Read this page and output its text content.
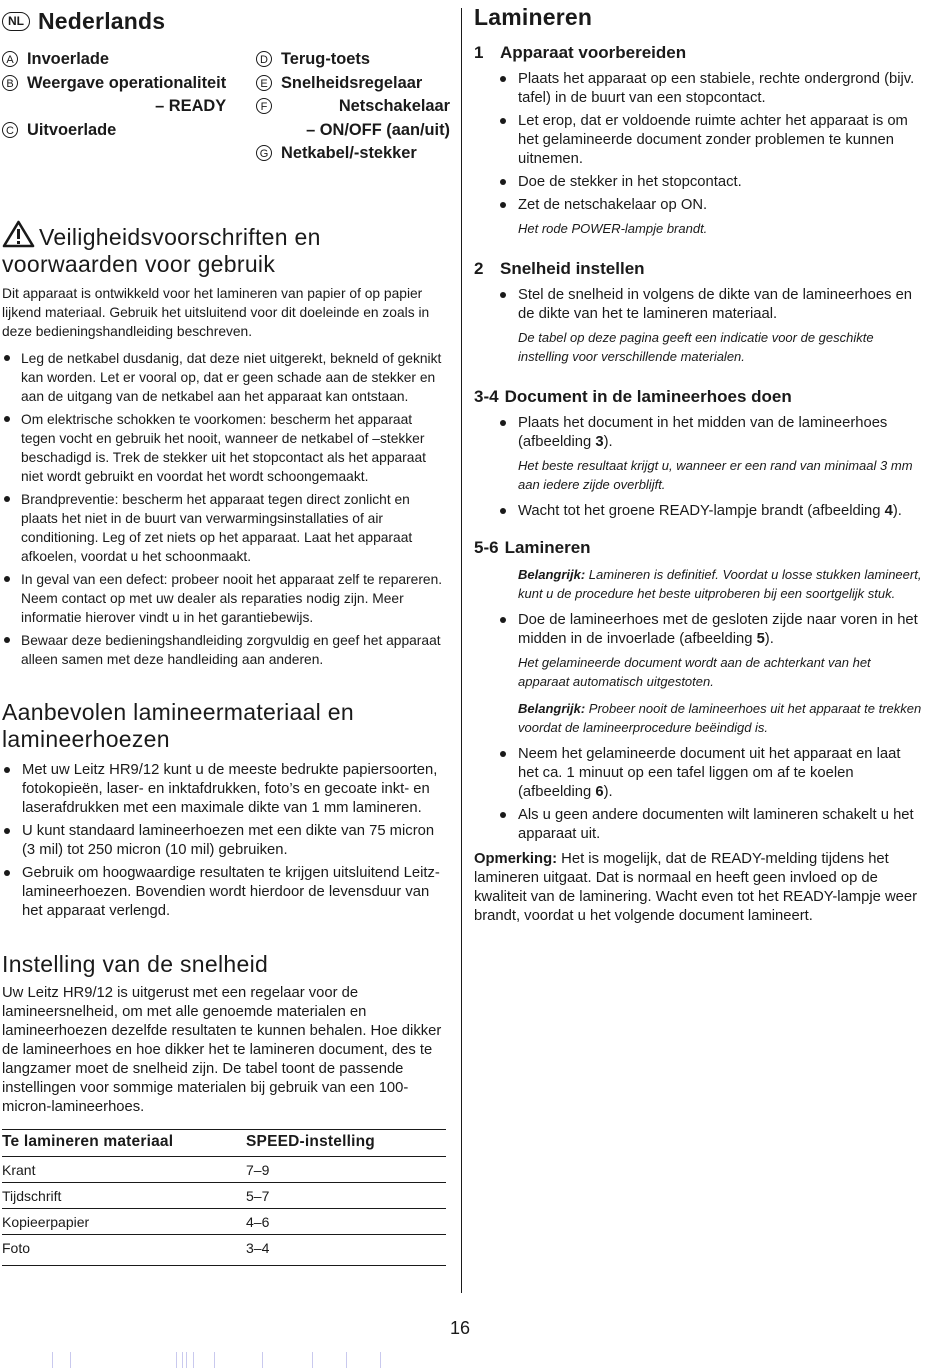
NL Nederlands
A Invoerlade
B Weergave operationaliteit
– READY
C Uitvoerlade
D Terug-toets
E Snelheidsregelaar
F	Netschakelaar
– ON/OFF (aan/uit)
G Netkabel/-stekker
Veiligheidsvoorschriften en
voorwaarden voor gebruik

Dit apparaat is ontwikkeld voor het lamineren van papier of op papier lijkend materiaal. Gebruik het uitsluitend voor dit doeleinde en zoals in deze bedieningshandleiding beschreven.

Leg de netkabel dusdanig, dat deze niet uitgerekt, bekneld of geknikt kan worden. Let er vooral op, dat er geen schade aan de stekker en aan de uitgang van de netkabel aan het apparaat kan ontstaan.
Om elektrische schokken te voorkomen: bescherm het apparaat tegen vocht en gebruik het nooit, wanneer de netkabel of –stekker beschadigd is. Trek de stekker uit het stopcontact als het apparaat niet wordt gebruikt en voordat het wordt schoongemaakt.
Brandpreventie: bescherm het apparaat tegen direct zonlicht en plaats het niet in de buurt van verwarmingsinstallaties of air conditioning. Leg of zet niets op het apparaat. Laat het apparaat afkoelen, voordat u het schoonmaakt.
In geval van een defect: probeer nooit het apparaat zelf te repareren. Neem contact op met uw dealer als reparaties nodig zijn. Meer informatie hierover vindt u in het garantiebewijs.
Bewaar deze bedieningshandleiding zorgvuldig en geef het apparaat alleen samen met deze handleiding aan anderen.
Aanbevolen lamineermateriaal en
lamineerhoezen
Met uw Leitz HR9/12 kunt u de meeste bedrukte papiersoorten, fotokopieën, laser- en inktafdrukken, foto’s en gecoate inkt- en laserafdrukken met een maximale dikte van 1 mm lamineren.
U kunt standaard lamineerhoezen met een dikte van 75 micron (3 mil) tot 250 micron (10 mil) gebruiken.
Gebruik om hoogwaardige resultaten te krijgen uitsluitend Leitz-lamineerhoezen. Bovendien wordt hierdoor de levensduur van het apparaat verlengd.
Instelling van de snelheid

Uw Leitz HR9/12 is uitgerust met een regelaar voor de lamineersnelheid, om met alle genoemde materialen en lamineerhoezen dezelfde resultaten te kunnen behalen. Hoe dikker de lamineerhoes en hoe dikker het te lamineren document, des te langzamer moet de snelheid zijn. De tabel toont de passende instellingen voor sommige materialen bij gebruik van een 100-micron-lamineerhoes.

Te lamineren materiaal	SPEED-instelling
Krant	7–9
Tijdschrift	5–7
Kopieerpapier	4–6
Foto	3–4
Lamineren
1 Apparaat voorbereiden
Plaats het apparaat op een stabiele, rechte ondergrond (bijv. tafel) in de buurt van een stopcontact.
Let erop, dat er voldoende ruimte achter het apparaat is om het gelamineerde document zonder problemen te kunnen uitnemen.
Doe de stekker in het stopcontact.
Zet de netschakelaar op ON.

Het rode POWER-lampje brandt.

2 Snelheid instellen
Stel de snelheid in volgens de dikte van de lamineerhoes en de dikte van het te lamineren materiaal.

De tabel op deze pagina geeft een indicatie voor de geschikte instelling voor verschillende materialen.

3-4 Document in de lamineerhoes doen
Plaats het document in het midden van de lamineerhoes (afbeelding 3).

Het beste resultaat krijgt u, wanneer er een rand van minimaal 3 mm aan iedere zijde overblijft.

Wacht tot het groene READY-lampje brandt (afbeelding 4).
5-6 Lamineren

Belangrijk: Lamineren is definitief. Voordat u losse stukken lamineert, kunt u de procedure het beste uitproberen bij een soortgelijk stuk.

Doe de lamineerhoes met de gesloten zijde naar voren in het midden in de invoerlade (afbeelding 5).

Het gelamineerde document wordt aan de achterkant van het apparaat automatisch uitgestoten.

Belangrijk: Probeer nooit de lamineerhoes uit het apparaat te trekken voordat de lamineerprocedure beëindigd is.

Neem het gelamineerde document uit het apparaat en laat het ca. 1 minuut op een tafel liggen om af te koelen (afbeelding 6).
Als u geen andere documenten wilt lamineren schakelt u het apparaat uit.
Opmerking: Het is mogelijk, dat de READY-melding tijdens het lamineren uitgaat. Dat is normaal en heeft geen invloed op de kwaliteit van de laminering. Wacht even tot het READY-lampje weer brandt, voordat u het volgende document lamineert.
16
